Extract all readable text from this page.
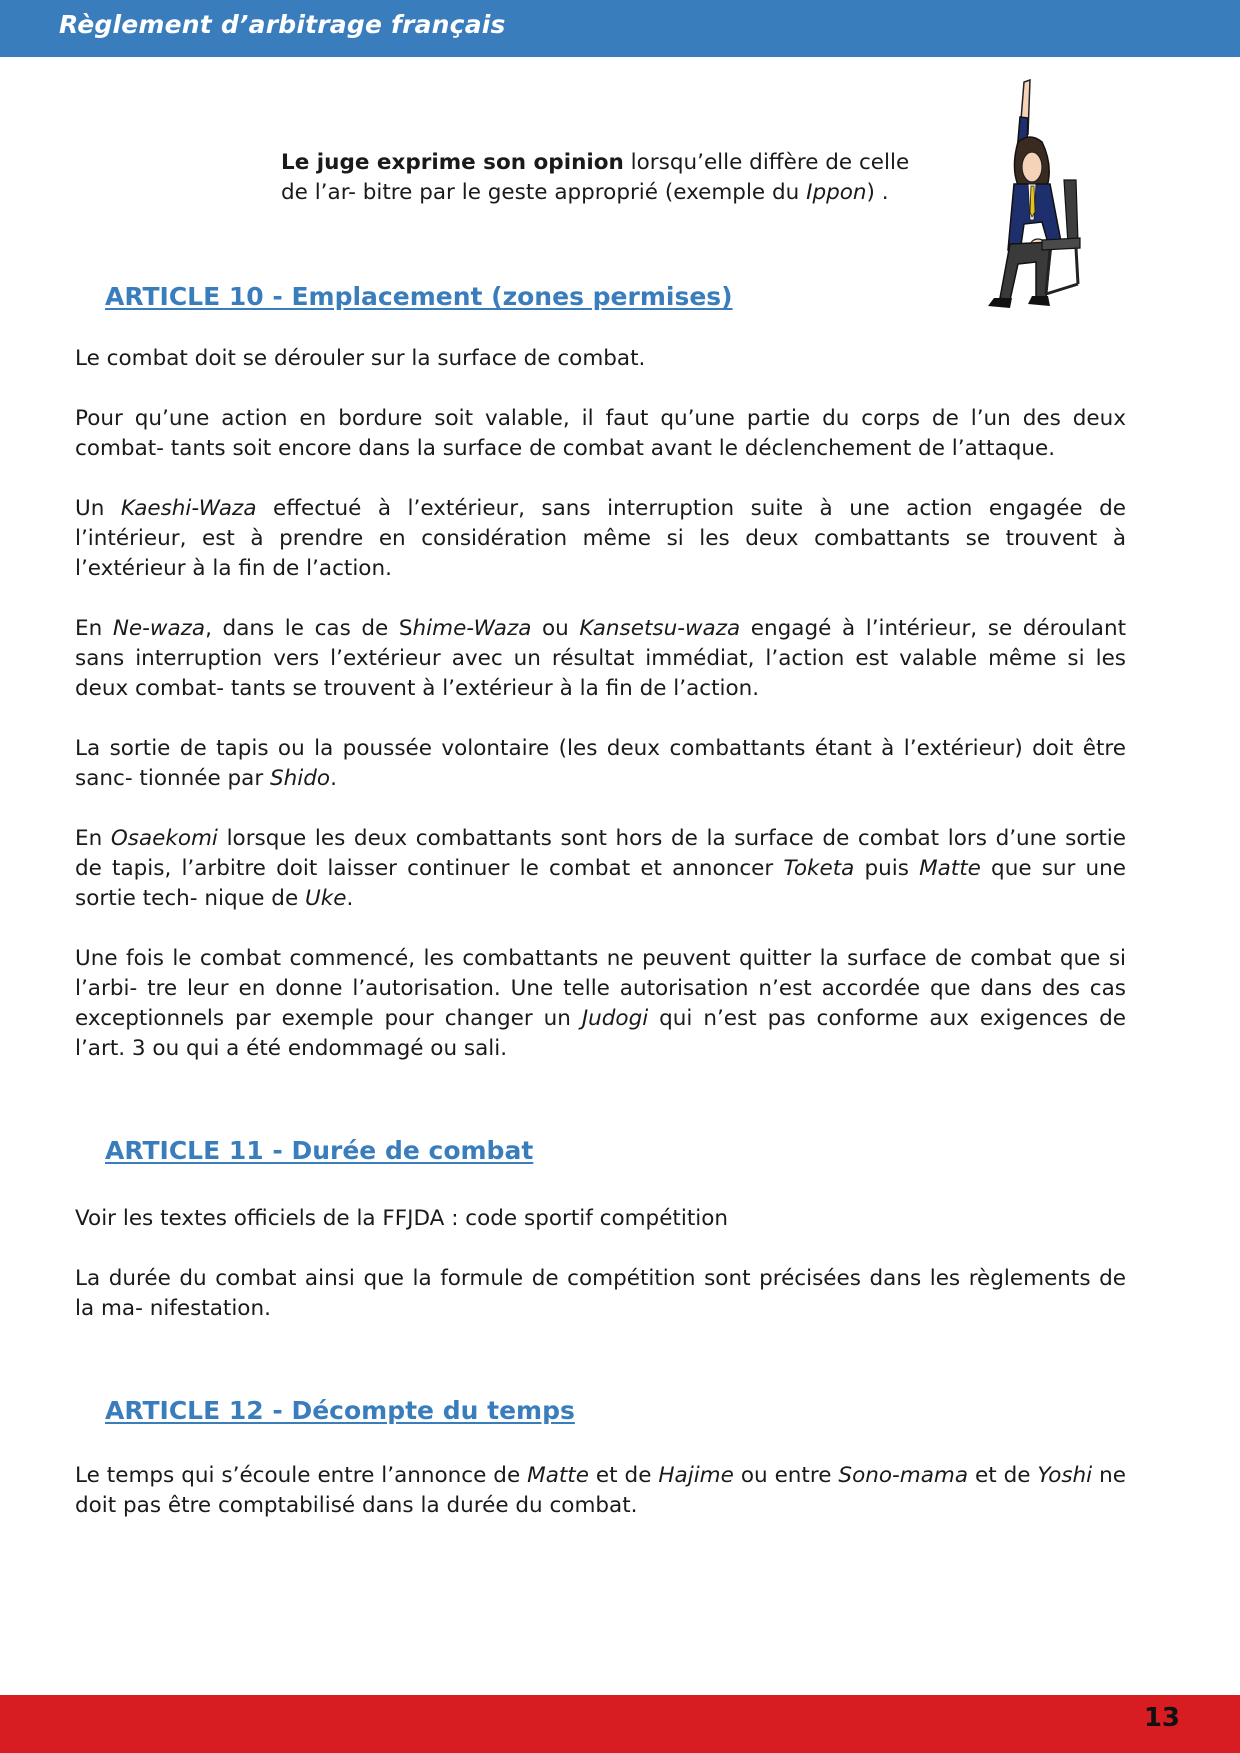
Règlement d’arbitrage français
Le juge exprime son opinion lorsqu’elle diffère de celle de l’ar- bitre par le geste approprié (exemple du Ippon) .
ARTICLE 10 - Emplacement (zones permises)

Le combat doit se dérouler sur la surface de combat.

Pour qu’une action en bordure soit valable, il faut qu’une partie du corps de l’un des deux combat- tants soit encore dans la surface de combat avant le déclenchement de l’attaque.

Un Kaeshi-Waza effectué à l’extérieur, sans interruption suite à une action engagée de l’intérieur, est à prendre en considération même si les deux combattants se trouvent à l’extérieur à la fin de l’action.

En Ne-waza, dans le cas de Shime-Waza ou Kansetsu-waza engagé à l’intérieur, se déroulant sans interruption vers l’extérieur avec un résultat immédiat, l’action est valable même si les deux combat- tants se trouvent à l’extérieur à la fin de l’action.

La sortie de tapis ou la poussée volontaire (les deux combattants étant à l’extérieur) doit être sanc- tionnée par Shido.

En Osaekomi lorsque les deux combattants sont hors de la surface de combat lors d’une sortie de tapis, l’arbitre doit laisser continuer le combat et annoncer Toketa puis Matte que sur une sortie tech- nique de Uke.

Une fois le combat commencé, les combattants ne peuvent quitter la surface de combat que si l’arbi- tre leur en donne l’autorisation. Une telle autorisation n’est accordée que dans des cas exceptionnels par exemple pour changer un Judogi qui n’est pas conforme aux exigences de l’art. 3 ou qui a été endommagé ou sali.

ARTICLE 11 - Durée de combat

Voir les textes officiels de la FFJDA : code sportif compétition

La durée du combat ainsi que la formule de compétition sont précisées dans les règlements de la ma- nifestation.

ARTICLE 12 - Décompte du temps

Le temps qui s’écoule entre l’annonce de Matte et de Hajime ou entre Sono-mama et de Yoshi ne doit pas être comptabilisé dans la durée du combat.

13
